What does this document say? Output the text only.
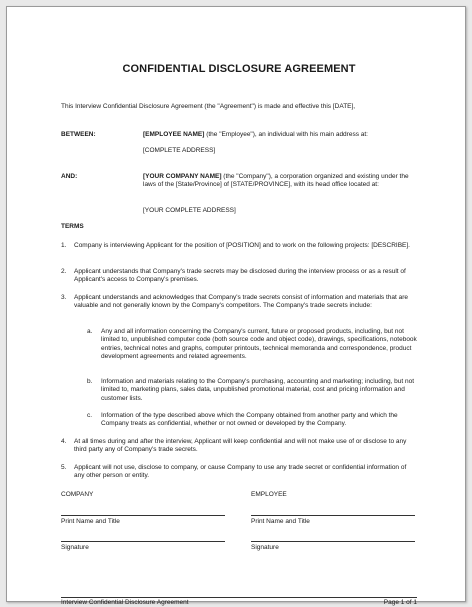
CONFIDENTIAL DISCLOSURE AGREEMENT
This Interview Confidential Disclosure Agreement (the "Agreement") is made and effective this [DATE],
BETWEEN:	[EMPLOYEE NAME] (the "Employee"), an individual with his main address at:
[COMPLETE ADDRESS]
AND:	[YOUR COMPANY NAME] (the "Company"), a corporation organized and existing under the laws of the [State/Province] of [STATE/PROVINCE], with its head office located at:
[YOUR COMPLETE ADDRESS]
TERMS
1.	Company is interviewing Applicant for the position of [POSITION] and to work on the following projects: [DESCRIBE].
2.	Applicant understands that Company's trade secrets may be disclosed during the interview process or as a result of Applicant's access to Company's premises.
3.	Applicant understands and acknowledges that Company's trade secrets consist of information and materials that are valuable and not generally known by the Company's competitors. The Company's trade secrets include:
a.	Any and all information concerning the Company's current, future or proposed products, including, but not limited to, unpublished computer code (both source code and object code), drawings, specifications, notebook entries, technical notes and graphs, computer printouts, technical memoranda and correspondence, product development agreements and related agreements.
b.	Information and materials relating to the Company's purchasing, accounting and marketing; including, but not limited to, marketing plans, sales data, unpublished promotional material, cost and pricing information and customer lists.
c.	Information of the type described above which the Company obtained from another party and which the Company treats as confidential, whether or not owned or developed by the Company.
4.	At all times during and after the interview, Applicant will keep confidential and will not make use of or disclose to any third party any of Company's trade secrets.
5.	Applicant will not use, disclose to company, or cause Company to use any trade secret or confidential information of any other person or entity.
COMPANY
Print Name and Title
Signature
EMPLOYEE
Print Name and Title
Signature
Interview Confidential Disclosure Agreement	Page 1 of 1
